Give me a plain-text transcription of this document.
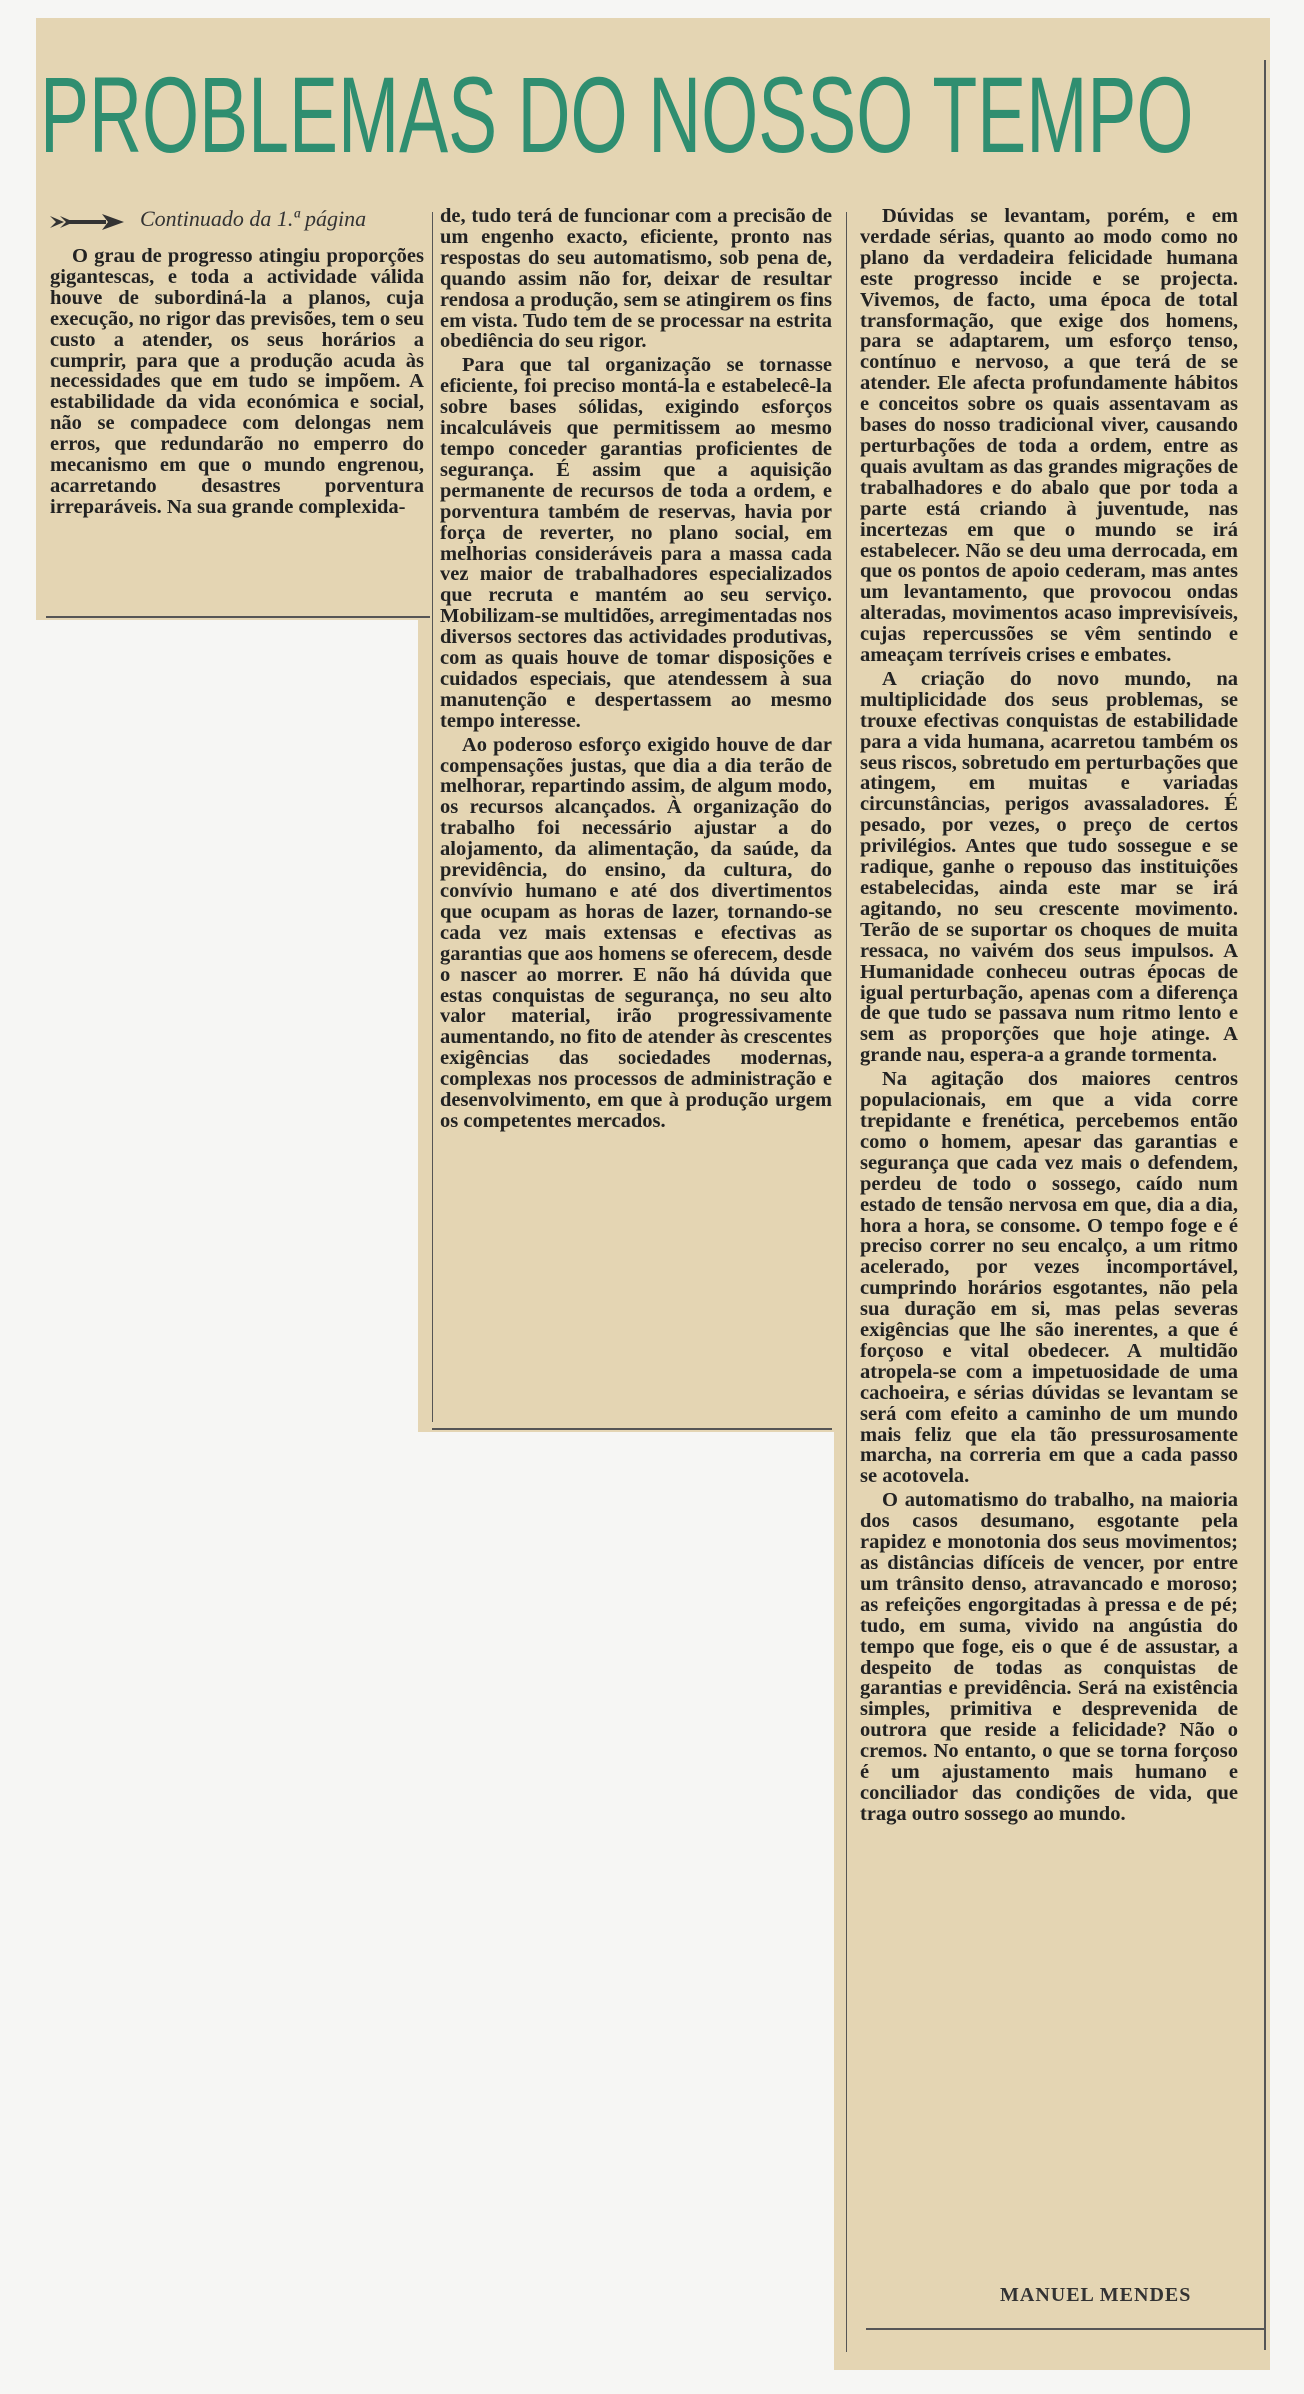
PROBLEMAS DO NOSSO TEMPO
Continuado da 1.ª página

O grau de progresso atingiu proporções gigantescas, e toda a actividade válida houve de subordiná-la a planos, cuja execução, no rigor das previsões, tem o seu custo a atender, os seus horários a cumprir, para que a produção acuda às necessidades que em tudo se impõem. A estabilidade da vida económica e social, não se compadece com delongas nem erros, que redundarão no emperro do mecanismo em que o mundo engrenou, acarretando desastres porventura irreparáveis. Na sua grande complexida-

de, tudo terá de funcionar com a precisão de um engenho exacto, eficiente, pronto nas respostas do seu automatismo, sob pena de, quando assim não for, deixar de resultar rendosa a produção, sem se atingirem os fins em vista. Tudo tem de se processar na estrita obediência do seu rigor.

Para que tal organização se tornasse eficiente, foi preciso montá-la e estabelecê-la sobre bases sólidas, exigindo esforços incalculáveis que permitissem ao mesmo tempo conceder garantias proficientes de segurança. É assim que a aquisição permanente de recursos de toda a ordem, e porventura também de reservas, havia por força de reverter, no plano social, em melhorias consideráveis para a massa cada vez maior de trabalhadores especializados que recruta e mantém ao seu serviço. Mobilizam-se multidões, arregimentadas nos diversos sectores das actividades produtivas, com as quais houve de tomar disposições e cuidados especiais, que atendessem à sua manutenção e despertassem ao mesmo tempo interesse.

Ao poderoso esforço exigido houve de dar compensações justas, que dia a dia terão de melhorar, repartindo assim, de algum modo, os recursos alcançados. À organização do trabalho foi necessário ajustar a do alojamento, da alimentação, da saúde, da previdência, do ensino, da cultura, do convívio humano e até dos divertimentos que ocupam as horas de lazer, tornando-se cada vez mais extensas e efectivas as garantias que aos homens se oferecem, desde o nascer ao morrer. E não há dúvida que estas conquistas de segurança, no seu alto valor material, irão progressivamente aumentando, no fito de atender às crescentes exigências das sociedades modernas, complexas nos processos de administração e desenvolvimento, em que à produção urgem os competentes mercados.

Dúvidas se levantam, porém, e em verdade sérias, quanto ao modo como no plano da verdadeira felicidade humana este progresso incide e se projecta. Vivemos, de facto, uma época de total transformação, que exige dos homens, para se adaptarem, um esforço tenso, contínuo e nervoso, a que terá de se atender. Ele afecta profundamente hábitos e conceitos sobre os quais assentavam as bases do nosso tradicional viver, causando perturbações de toda a ordem, entre as quais avultam as das grandes migrações de trabalhadores e do abalo que por toda a parte está criando à juventude, nas incertezas em que o mundo se irá estabelecer. Não se deu uma derrocada, em que os pontos de apoio cederam, mas antes um levantamento, que provocou ondas alteradas, movimentos acaso imprevisíveis, cujas repercussões se vêm sentindo e ameaçam terríveis crises e embates.

A criação do novo mundo, na multiplicidade dos seus problemas, se trouxe efectivas conquistas de estabilidade para a vida humana, acarretou também os seus riscos, sobretudo em perturbações que atingem, em muitas e variadas circunstâncias, perigos avassaladores. É pesado, por vezes, o preço de certos privilégios. Antes que tudo sossegue e se radique, ganhe o repouso das instituições estabelecidas, ainda este mar se irá agitando, no seu crescente movimento. Terão de se suportar os choques de muita ressaca, no vaivém dos seus impulsos. A Humanidade conheceu outras épocas de igual perturbação, apenas com a diferença de que tudo se passava num ritmo lento e sem as proporções que hoje atinge. A grande nau, espera-a a grande tormenta.

Na agitação dos maiores centros populacionais, em que a vida corre trepidante e frenética, percebemos então como o homem, apesar das garantias e segurança que cada vez mais o defendem, perdeu de todo o sossego, caído num estado de tensão nervosa em que, dia a dia, hora a hora, se consome. O tempo foge e é preciso correr no seu encalço, a um ritmo acelerado, por vezes incomportável, cumprindo horários esgotantes, não pela sua duração em si, mas pelas severas exigências que lhe são inerentes, a que é forçoso e vital obedecer. A multidão atropela-se com a impetuosidade de uma cachoeira, e sérias dúvidas se levantam se será com efeito a caminho de um mundo mais feliz que ela tão pressurosamente marcha, na correria em que a cada passo se acotovela.

O automatismo do trabalho, na maioria dos casos desumano, esgotante pela rapidez e monotonia dos seus movimentos; as distâncias difíceis de vencer, por entre um trânsito denso, atravancado e moroso; as refeições engorgitadas à pressa e de pé; tudo, em suma, vivido na angústia do tempo que foge, eis o que é de assustar, a despeito de todas as conquistas de garantias e previdência. Será na existência simples, primitiva e desprevenida de outrora que reside a felicidade? Não o cremos. No entanto, o que se torna forçoso é um ajustamento mais humano e conciliador das condições de vida, que traga outro sossego ao mundo.

MANUEL MENDES
